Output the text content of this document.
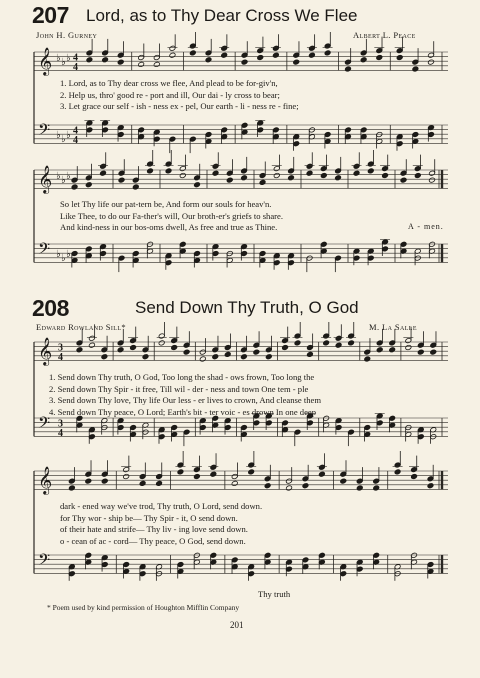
207 Lord, as to Thy Dear Cross We Flee
John H. Gurney	Albert L. Peace
𝄞
𝄢
♭
♭
♭
♭
♭
♭
4
4
4
4
1. Lord, as to Thy dear cross we flee, And plead to be for-giv'n,
2. Help us, thro' good re - port and ill, Our dai - ly cross to bear;
3. Let grace our self - ish - ness ex - pel, Our earth - li - ness re - fine;
𝄞
𝄢
♭
♭
♭
♭
♭
♭
So let Thy life our pat-tern be, And form our souls for heav'n.
Like Thee, to do our Fa-ther's will, Our broth-er's griefs to share.
And kind-ness in our bos-oms dwell, As free and true as Thine.	A - men.
208	Send Down Thy Truth, O God
Edward Rowland Sill*	M. La Salle
𝄞
𝄢
3
4
3
4
1. Send down Thy truth, O God, Too long the shad - ows frown, Too long the
2. Send down Thy Spir - it free, Till wil - der - ness and town One tem - ple
3. Send down Thy love, Thy life Our less - er lives to crown, And cleanse them
4. Send down Thy peace, O Lord; Earth's bit - ter voic - es drown In one deep
𝄞
𝄢
dark - ened way we've trod, Thy truth, O Lord, send down.
for Thy wor - ship be— Thy Spir - it, O send down.
of their hate and strife— Thy liv - ing love send down.
o - cean of ac - cord— Thy peace, O God, send down.
Thy truth
* Poem used by kind permission of Houghton Mifflin Company
201
